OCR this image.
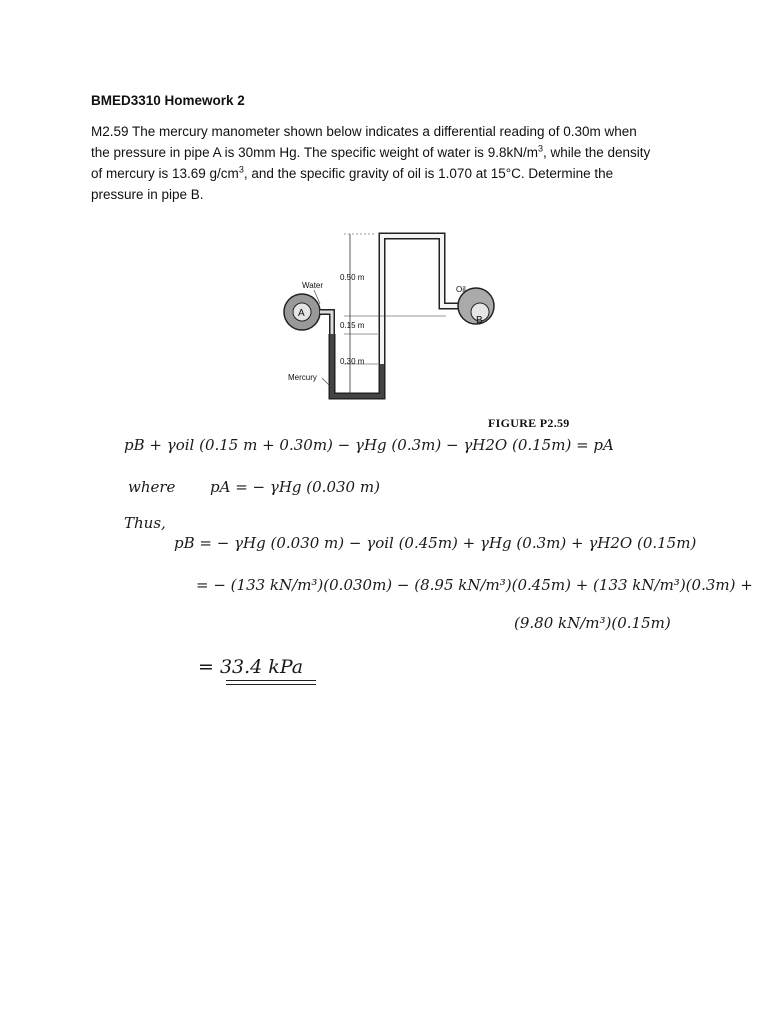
BMED3310 Homework 2
M2.59 The mercury manometer shown below indicates a differential reading of 0.30m when
the pressure in pipe A is 30mm Hg. The specific weight of water is $9.8kN/m^3$, while the density
of mercury is 13.69 $g/cm^3$, and the specific gravity of oil is 1.070 at 15°C. Determine the
pressure in pipe B.
A
B
0.50 m
0.15 m
0.30 m
Water	Oil
Mercury
FIGURE P2.59
pB + γoil (0.15 m + 0.30m) − γHg (0.3m) − γH2O (0.15m) = pA
where pA = − γHg (0.030 m)
Thus,
pB = − γHg (0.030 m) − γoil (0.45m) + γHg (0.3m) + γH2O (0.15m)
= − (133 kN/m³)(0.030m) − (8.95 kN/m³)(0.45m) + (133 kN/m³)(0.3m) +
(9.80 kN/m³)(0.15m)
= 33.4 kPa
